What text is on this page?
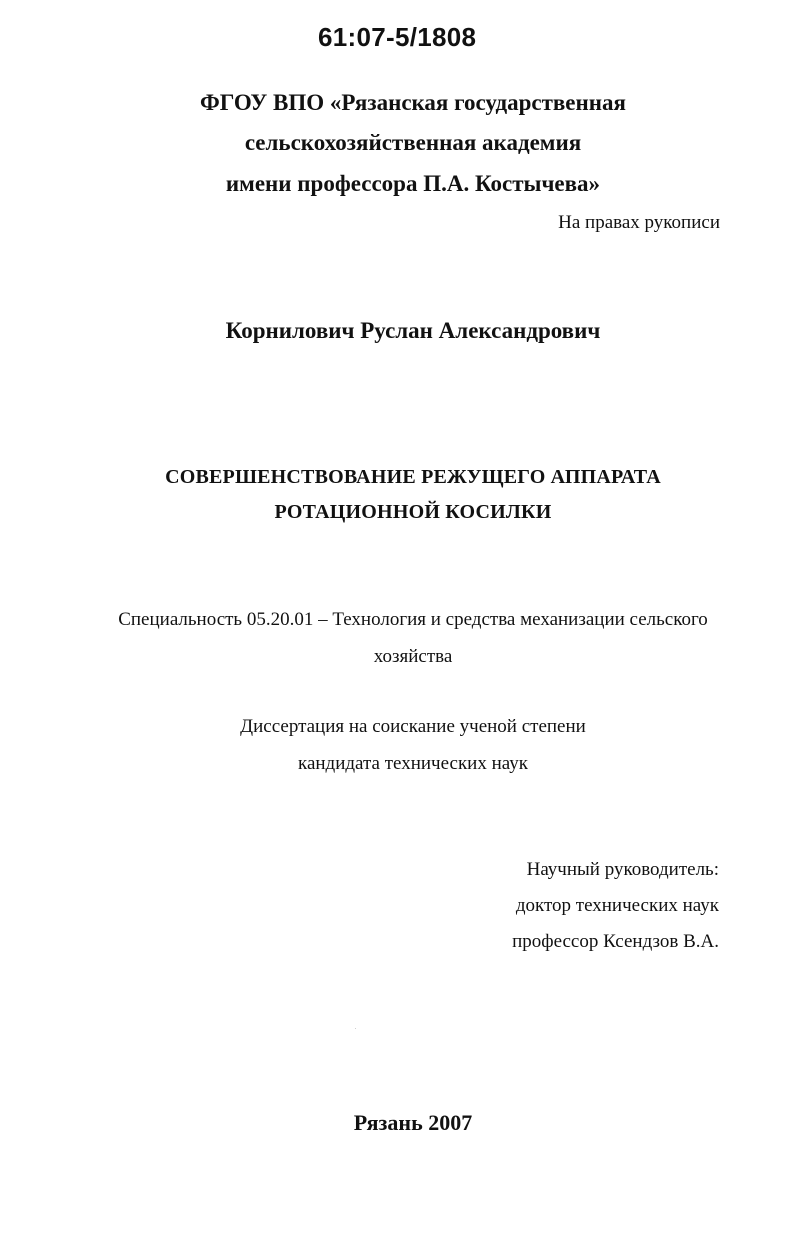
61:07-5/1808
ФГОУ ВПО «Рязанская государственная
сельскохозяйственная академия
имени профессора П.А. Костычева»
На правах рукописи
Корнилович Руслан Александрович
СОВЕРШЕНСТВОВАНИЕ РЕЖУЩЕГО АППАРАТА
РОТАЦИОННОЙ КОСИЛКИ
Специальность 05.20.01 – Технология и средства механизации сельского
хозяйства
Диссертация на соискание ученой степени
кандидата технических наук
Научный руководитель:
доктор технических наук
профессор Ксендзов В.А.
Рязань 2007
